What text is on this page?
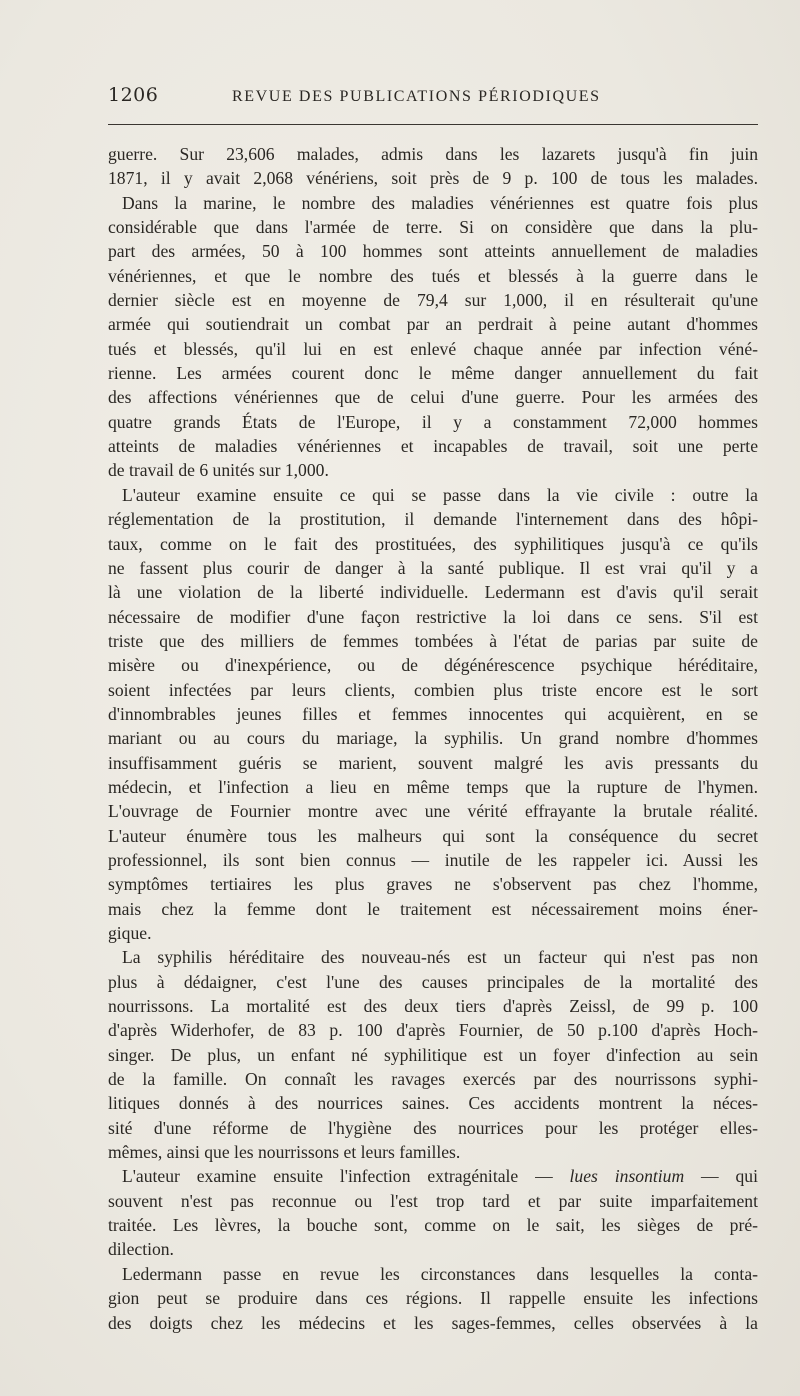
1206	REVUE DES PUBLICATIONS PÉRIODIQUES
guerre. Sur 23,606 malades, admis dans les lazarets jusqu'à fin juin
1871, il y avait 2,068 vénériens, soit près de 9 p. 100 de tous les malades.
Dans la marine, le nombre des maladies vénériennes est quatre fois plus
considérable que dans l'armée de terre. Si on considère que dans la plu-
part des armées, 50 à 100 hommes sont atteints annuellement de maladies
vénériennes, et que le nombre des tués et blessés à la guerre dans le
dernier siècle est en moyenne de 79,4 sur 1,000, il en résulterait qu'une
armée qui soutiendrait un combat par an perdrait à peine autant d'hommes
tués et blessés, qu'il lui en est enlevé chaque année par infection véné-
rienne. Les armées courent donc le même danger annuellement du fait
des affections vénériennes que de celui d'une guerre. Pour les armées des
quatre grands États de l'Europe, il y a constamment 72,000 hommes
atteints de maladies vénériennes et incapables de travail, soit une perte
de travail de 6 unités sur 1,000.
L'auteur examine ensuite ce qui se passe dans la vie civile : outre la
réglementation de la prostitution, il demande l'internement dans des hôpi-
taux, comme on le fait des prostituées, des syphilitiques jusqu'à ce qu'ils
ne fassent plus courir de danger à la santé publique. Il est vrai qu'il y a
là une violation de la liberté individuelle. Ledermann est d'avis qu'il serait
nécessaire de modifier d'une façon restrictive la loi dans ce sens. S'il est
triste que des milliers de femmes tombées à l'état de parias par suite de
misère ou d'inexpérience, ou de dégénérescence psychique héréditaire,
soient infectées par leurs clients, combien plus triste encore est le sort
d'innombrables jeunes filles et femmes innocentes qui acquièrent, en se
mariant ou au cours du mariage, la syphilis. Un grand nombre d'hommes
insuffisamment guéris se marient, souvent malgré les avis pressants du
médecin, et l'infection a lieu en même temps que la rupture de l'hymen.
L'ouvrage de Fournier montre avec une vérité effrayante la brutale réalité.
L'auteur énumère tous les malheurs qui sont la conséquence du secret
professionnel, ils sont bien connus — inutile de les rappeler ici. Aussi les
symptômes tertiaires les plus graves ne s'observent pas chez l'homme,
mais chez la femme dont le traitement est nécessairement moins éner-
gique.
La syphilis héréditaire des nouveau-nés est un facteur qui n'est pas non
plus à dédaigner, c'est l'une des causes principales de la mortalité des
nourrissons. La mortalité est des deux tiers d'après Zeissl, de 99 p. 100
d'après Widerhofer, de 83 p. 100 d'après Fournier, de 50 p.100 d'après Hoch-
singer. De plus, un enfant né syphilitique est un foyer d'infection au sein
de la famille. On connaît les ravages exercés par des nourrissons syphi-
litiques donnés à des nourrices saines. Ces accidents montrent la néces-
sité d'une réforme de l'hygiène des nourrices pour les protéger elles-
mêmes, ainsi que les nourrissons et leurs familles.
L'auteur examine ensuite l'infection extragénitale — lues insontium — qui
souvent n'est pas reconnue ou l'est trop tard et par suite imparfaitement
traitée. Les lèvres, la bouche sont, comme on le sait, les sièges de pré-
dilection.
Ledermann passe en revue les circonstances dans lesquelles la conta-
gion peut se produire dans ces régions. Il rappelle ensuite les infections
des doigts chez les médecins et les sages-femmes, celles observées à la
